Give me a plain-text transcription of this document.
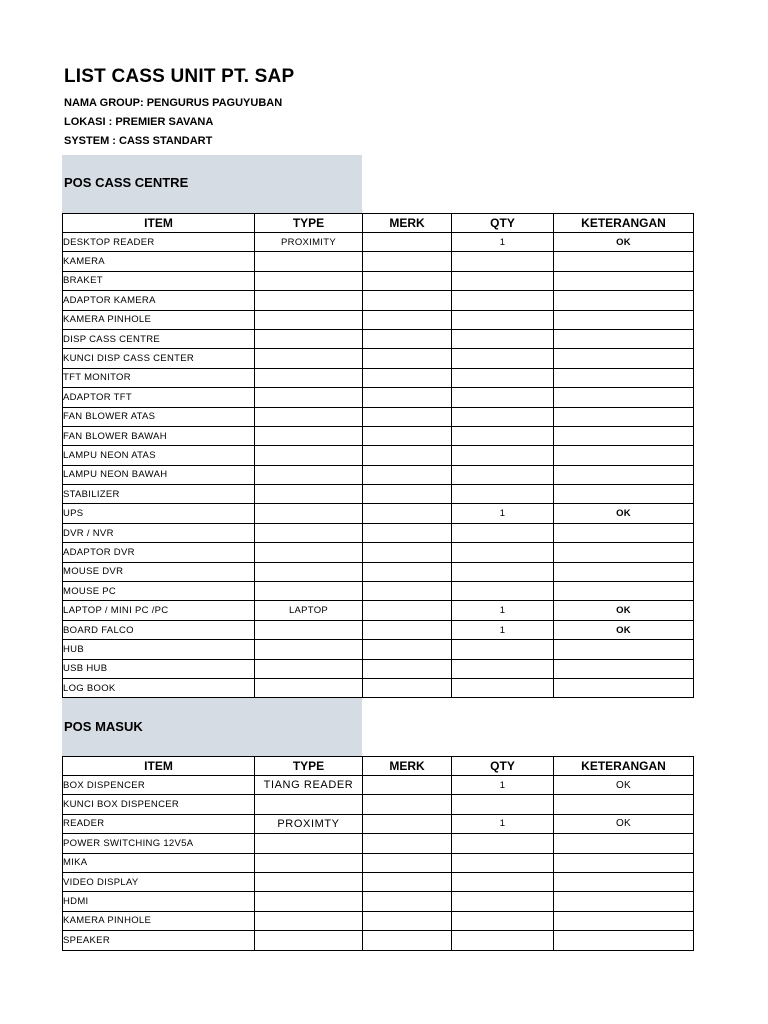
LIST CASS UNIT PT. SAP
NAMA GROUP: PENGURUS PAGUYUBAN
LOKASI : PREMIER SAVANA
SYSTEM : CASS STANDART
POS CASS CENTRE
ITEM	TYPE	MERK	QTY	KETERANGAN
DESKTOP READER	PROXIMITY		1	OK
KAMERA				
BRAKET				
ADAPTOR KAMERA				
KAMERA PINHOLE				
DISP CASS CENTRE				
KUNCI DISP CASS CENTER				
TFT MONITOR				
ADAPTOR TFT				
FAN BLOWER ATAS				
FAN BLOWER BAWAH				
LAMPU NEON ATAS				
LAMPU NEON BAWAH				
STABILIZER				
UPS			1	OK
DVR / NVR				
ADAPTOR DVR				
MOUSE DVR				
MOUSE PC				
LAPTOP / MINI PC /PC	LAPTOP		1	OK
BOARD FALCO			1	OK
HUB				
USB HUB				
LOG BOOK				
POS MASUK
ITEM	TYPE	MERK	QTY	KETERANGAN
BOX DISPENCER	TIANG READER		1	OK
KUNCI BOX DISPENCER				
READER	PROXIMTY		1	OK
POWER SWITCHING 12V5A				
MIKA				
VIDEO DISPLAY				
HDMI				
KAMERA PINHOLE				
SPEAKER				
